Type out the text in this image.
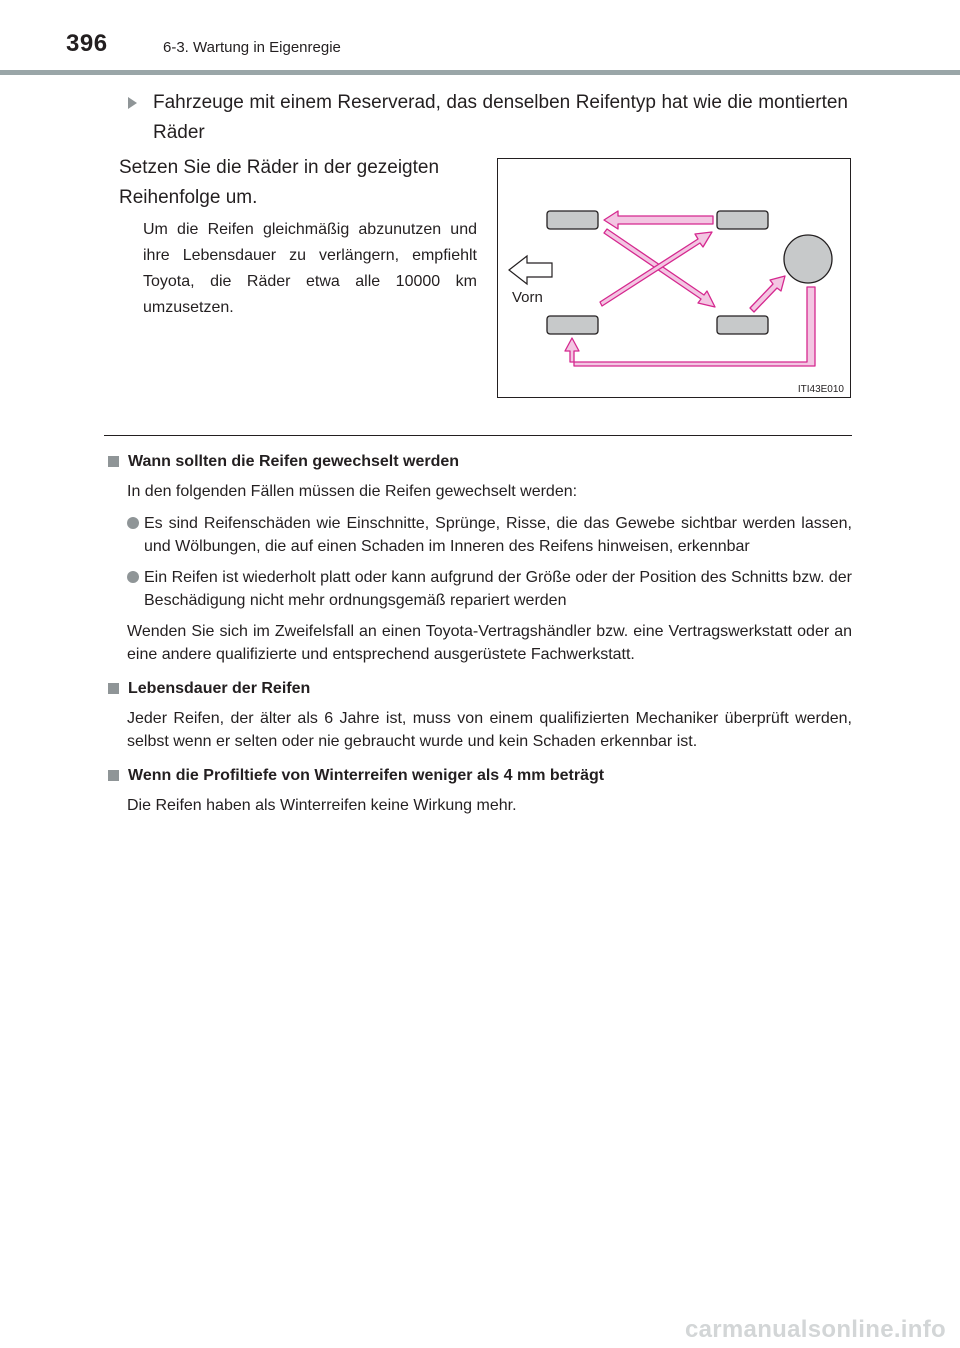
396	6-3. Wartung in Eigenregie
Fahrzeuge mit einem Reserverad, das denselben Reifentyp hat wie die montierten Räder
Setzen Sie die Räder in der gezeigten Reihenfolge um.
Um die Reifen gleichmäßig abzunutzen und ihre Lebensdauer zu verlängern, empfiehlt Toyota, die Räder etwa alle 10000 km umzusetzen.
Vorn
ITI43E010
Wann sollten die Reifen gewechselt werden

In den folgenden Fällen müssen die Reifen gewechselt werden:

Es sind Reifenschäden wie Einschnitte, Sprünge, Risse, die das Gewebe sichtbar werden lassen, und Wölbungen, die auf einen Schaden im Inneren des Reifens hinweisen, erkennbar
Ein Reifen ist wiederholt platt oder kann aufgrund der Größe oder der Position des Schnitts bzw. der Beschädigung nicht mehr ordnungsgemäß repariert werden

Wenden Sie sich im Zweifelsfall an einen Toyota-Vertragshändler bzw. eine Vertragswerkstatt oder an eine andere qualifizierte und entsprechend ausgerüstete Fachwerkstatt.

Lebensdauer der Reifen

Jeder Reifen, der älter als 6 Jahre ist, muss von einem qualifizierten Mechaniker überprüft werden, selbst wenn er selten oder nie gebraucht wurde und kein Schaden erkennbar ist.

Wenn die Profiltiefe von Winterreifen weniger als 4 mm beträgt

Die Reifen haben als Winterreifen keine Wirkung mehr.

carmanualsonline.info
